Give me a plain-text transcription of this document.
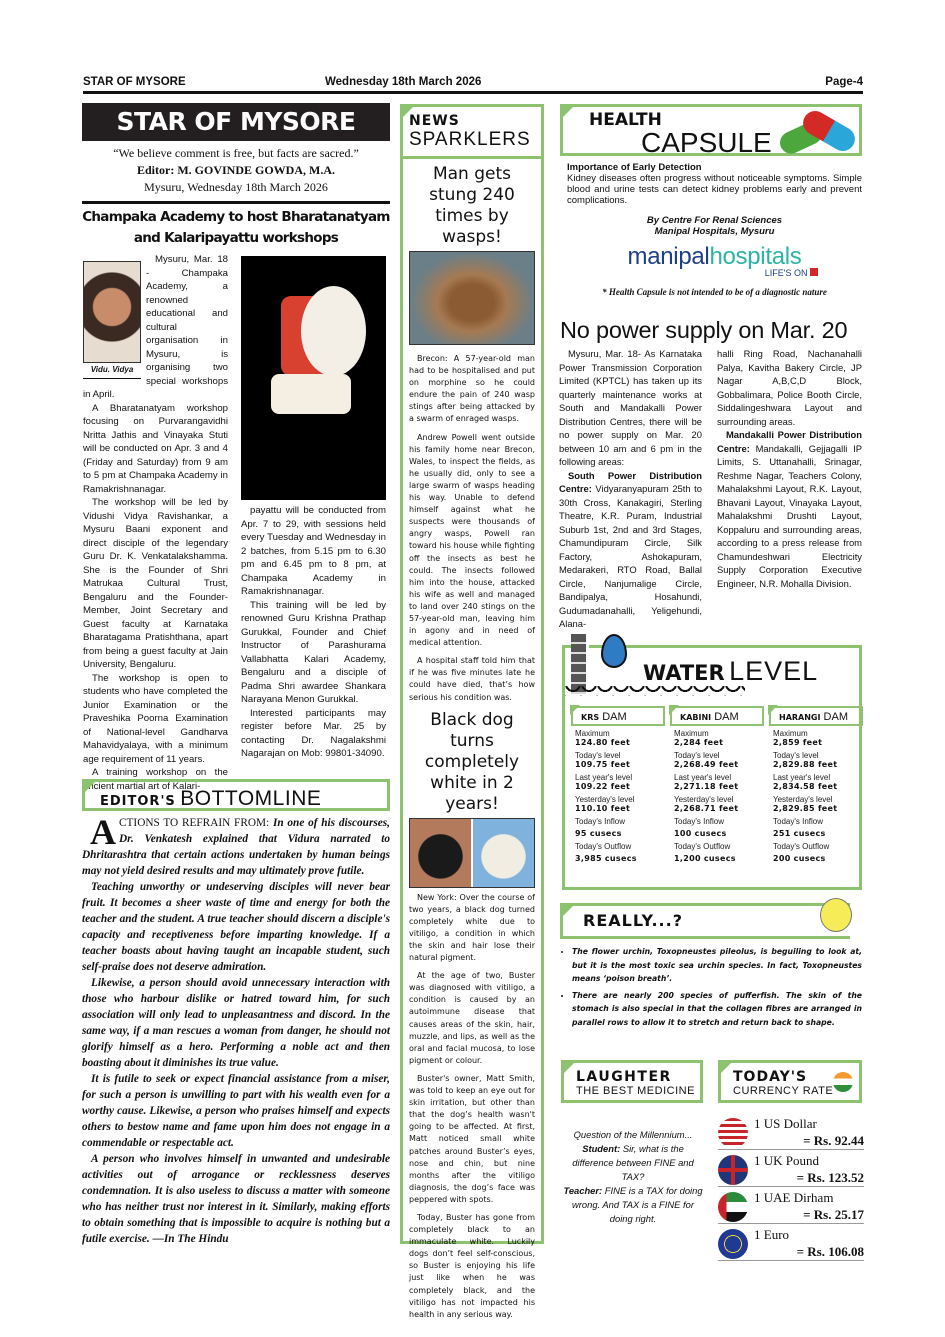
STAR OF MYSORE	Wednesday 18th March 2026	Page-4
STAR OF MYSORE
“We believe comment is free, but facts are sacred.”
Editor: M. GOVINDE GOWDA, M.A.
Mysuru, Wednesday 18th March 2026
Champaka Academy to host Bharatanatyam and Kalaripayattu workshops
Vidu. Vidya

Mysuru, Mar. 18 - Champaka Academy, a renowned educational and cultural organisation in Mysuru, is organising two special workshops in April.

A Bharatanatyam workshop focusing on Purvarangavidhi Nritta Jathis and Vinayaka Stuti will be conducted on Apr. 3 and 4 (Friday and Saturday) from 9 am to 5 pm at Champaka Academy in Ramakrishnanagar.

The workshop will be led by Vidushi Vidya Ravishankar, a Mysuru Baani exponent and direct disciple of the legendary Guru Dr. K. Venkatalakshamma. She is the Founder of Shri Matrukaa Cultural Trust, Bengaluru and the Founder-Member, Joint Secretary and Guest faculty at Karnataka Bharatagama Pratishthana, apart from being a guest faculty at Jain University, Bengaluru.

The workshop is open to students who have completed the Junior Examination or the Praveshika Poorna Examination of National-level Gandharva Mahavidyalaya, with a minimum age requirement of 11 years.

A training workshop on the ancient martial art of Kalari-

payattu will be conducted from Apr. 7 to 29, with sessions held every Tuesday and Wednesday in 2 batches, from 5.15 pm to 6.30 pm and 6.45 pm to 8 pm, at Champaka Academy in Ramakrishnanagar.

This training will be led by renowned Guru Krishna Prathap Gurukkal, Founder and Chief Instructor of Parashurama Vallabhatta Kalari Academy, Bengaluru and a disciple of Padma Shri awardee Shankara Narayana Menon Gurukkal.

Interested participants may register before Mar. 25 by contacting Dr. Nagalakshmi Nagarajan on Mob: 99801-34090.

EDITOR'S BOTTOMLINE

ACTIONS TO REFRAIN FROM: In one of his discourses, Dr. Venkatesh explained that Vidura narrated to Dhritarashtra that certain actions undertaken by human beings may not yield desired results and may ultimately prove futile.

Teaching unworthy or undeserving disciples will never bear fruit. It becomes a sheer waste of time and energy for both the teacher and the student. A true teacher should discern a disciple's capacity and receptiveness before imparting knowledge. If a teacher boasts about having taught an incapable student, such self-praise does not deserve admiration.

Likewise, a person should avoid unnecessary interaction with those who harbour dislike or hatred toward him, for such association will only lead to unpleasantness and discord. In the same way, if a man rescues a woman from danger, he should not glorify himself as a hero. Performing a noble act and then boasting about it diminishes its true value.

It is futile to seek or expect financial assistance from a miser, for such a person is unwilling to part with his wealth even for a worthy cause. Likewise, a person who praises himself and expects others to bestow name and fame upon him does not engage in a commendable or respectable act.

A person who involves himself in unwanted and undesirable activities out of arrogance or recklessness deserves condemnation. It is also useless to discuss a matter with someone who has neither trust nor interest in it. Similarly, making efforts to obtain something that is impossible to acquire is nothing but a futile exercise. —In The Hindu

NEWS
SPARKLERS
Man gets stung 240 times by wasps!

Brecon: A 57-year-old man had to be hospitalised and put on morphine so he could endure the pain of 240 wasp stings after being attacked by a swarm of enraged wasps.

Andrew Powell went outside his family home near Brecon, Wales, to inspect the fields, as he usually did, only to see a large swarm of wasps heading his way. Unable to defend himself against what he suspects were thousands of angry wasps, Powell ran toward his house while fighting off the insects as best he could. The insects followed him into the house, attacked his wife as well and managed to land over 240 stings on the 57-year-old man, leaving him in agony and in need of medical attention.

A hospital staff told him that if he was five minutes late he could have died, that’s how serious his condition was.

Black dog turns completely white in 2 years!

New York: Over the course of two years, a black dog turned completely white due to vitiligo, a condition in which the skin and hair lose their natural pigment.

At the age of two, Buster was diagnosed with vitiligo, a condition is caused by an autoimmune disease that causes areas of the skin, hair, muzzle, and lips, as well as the oral and facial mucosa, to lose pigment or colour.

Buster's owner, Matt Smith, was told to keep an eye out for skin irritation, but other than that the dog’s health wasn't going to be affected. At first, Matt noticed small white patches around Buster’s eyes, nose and chin, but nine months after the vitiligo diagnosis, the dog’s face was peppered with spots.

Today, Buster has gone from completely black to an immaculate white. Luckily dogs don’t feel self-conscious, so Buster is enjoying his life just like when he was completely black, and the vitiligo has not impacted his health in any serious way.

HEALTH
CAPSULE
Importance of Early Detection

Kidney diseases often progress without noticeable symptoms. Simple blood and urine tests can detect kidney problems early and prevent complications.

By Centre For Renal Sciences
Manipal Hospitals, Mysuru
manipalhospitals
LIFE'S ON
* Health Capsule is not intended to be of a diagnostic nature
No power supply on Mar. 20

Mysuru, Mar. 18- As Karnataka Power Transmission Corporation Limited (KPTCL) has taken up its quarterly maintenance works at South and Mandakalli Power Distribution Centres, there will be no power supply on Mar. 20 between 10 am and 6 pm in the following areas:

South Power Distribution Centre: Vidyaranyapuram 25th to 30th Cross, Kanakagiri, Sterling Theatre, K.R. Puram, Industrial Suburb 1st, 2nd and 3rd Stages, Chamundipuram Circle, Silk Factory, Ashokapuram, Medarakeri, RTO Road, Ballal Circle, Nanjumalige Circle, Bandipalya, Hosahundi, Gudumadanahalli, Yeligehundi, Alana-

halli Ring Road, Nachanahalli Palya, Kavitha Bakery Circle, JP Nagar A,B,C,D Block, Gobbalimara, Police Booth Circle, Siddalingeshwara Layout and surrounding areas.

Mandakalli Power Distribution Centre: Mandakalli, Gejjagalli IP Limits, S. Uttanahalli, Srinagar, Reshme Nagar, Teachers Colony, Mahalakshmi Layout, R.K. Layout, Bhavani Layout, Vinayaka Layout, Mahalakshmi Drushti Layout, Koppaluru and surrounding areas, according to a press release from Chamundeshwari Electricity Supply Corporation Executive Engineer, N.R. Mohalla Division.

WATER LEVEL
KRS DAM
Maximum
124.80 feet
Today's level
109.75 feet
Last year's level
109.22 feet
Yesterday's level
110.10 feet
Today's Inflow
95 cusecs
Today's Outflow
3,985 cusecs
KABINI DAM
Maximum
2,284 feet
Today's level
2,268.49 feet
Last year's level
2,271.18 feet
Yesterday's level
2,268.71 feet
Today's Inflow
100 cusecs
Today's Outflow
1,200 cusecs
HARANGI DAM
Maximum
2,859 feet
Today's level
2,829.88 feet
Last year's level
2,834.58 feet
Yesterday's level
2,829.85 feet
Today's Inflow
251 cusecs
Today's Outflow
200 cusecs
REALLY...?
• The flower urchin, Toxopneustes pileolus, is beguiling to look at, but it is the most toxic sea urchin species. In fact, Toxopneustes means ‘poison breath’.
• There are nearly 200 species of pufferfish. The skin of the stomach is also special in that the collagen fibres are arranged in parallel rows to allow it to stretch and return back to shape.
LAUGHTER
THE BEST MEDICINE
Question of the Millennium...
Student: Sir, what is the difference between FINE and TAX?
Teacher: FINE is a TAX for doing wrong. And TAX is a FINE for doing right.
TODAY'S
CURRENCY RATE
1 US Dollar
= Rs. 92.44
1 UK Pound
= Rs. 123.52
1 UAE Dirham
= Rs. 25.17
1 Euro
= Rs. 106.08
